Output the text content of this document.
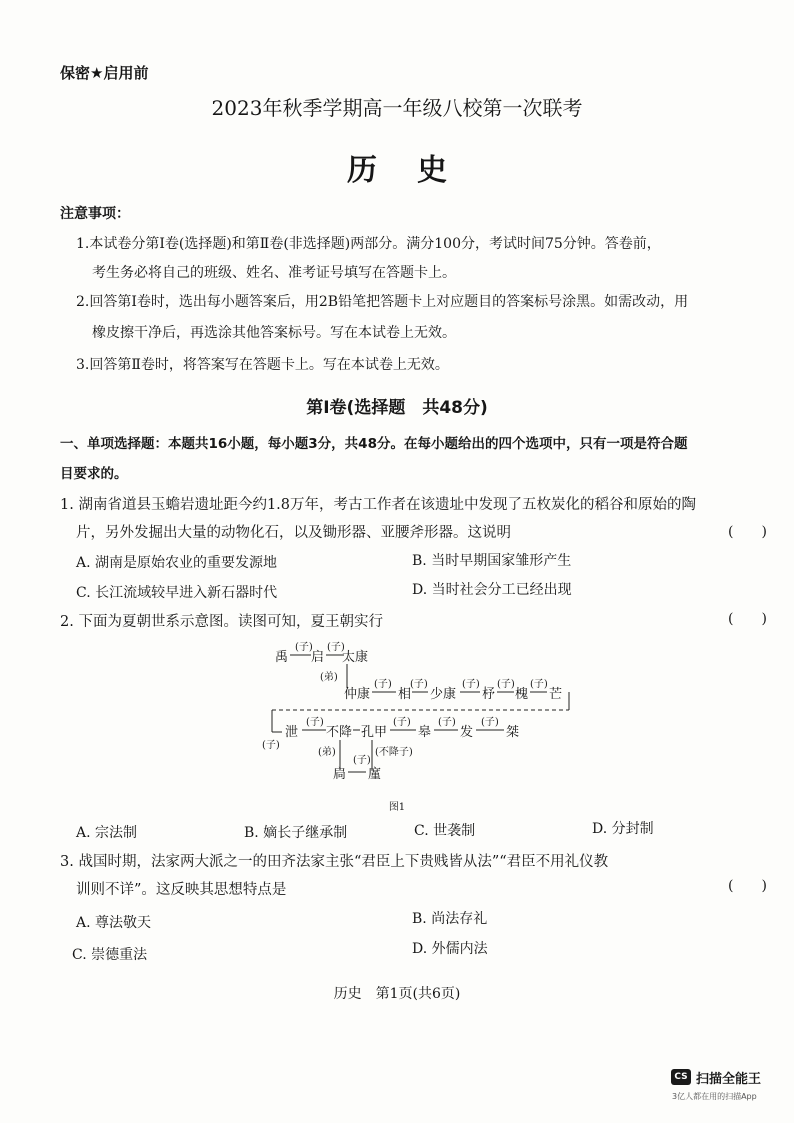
保密★启用前
2023年秋季学期高一年级八校第一次联考
历史
注意事项：
1.本试卷分第Ⅰ卷(选择题)和第Ⅱ卷(非选择题)两部分。满分100分，考试时间75分钟。答卷前，
考生务必将自己的班级、姓名、准考证号填写在答题卡上。
2.回答第Ⅰ卷时，选出每小题答案后，用2B铅笔把答题卡上对应题目的答案标号涂黑。如需改动，用
橡皮擦干净后，再选涂其他答案标号。写在本试卷上无效。
3.回答第Ⅱ卷时，将答案写在答题卡上。写在本试卷上无效。
第Ⅰ卷(选择题　共48分)
一、单项选择题：本题共16小题，每小题3分，共48分。在每小题给出的四个选项中，只有一项是符合题
目要求的。
1. 湖南省道县玉蟾岩遗址距今约1.8万年，考古工作者在该遗址中发现了五枚炭化的稻谷和原始的陶
片，另外发掘出大量的动物化石，以及锄形器、亚腰斧形器。这说明	(　　)
A. 湖南是原始农业的重要发源地	B. 当时早期国家雏形产生
C. 长江流域较早进入新石器时代	D. 当时社会分工已经出现
2. 下面为夏朝世系示意图。读图可知，夏王朝实行	(　　)
禹
(子)
启
(子)
太康
(弟)
仲康
(子)
相
(子)
少康
(子)
杼
(子)
槐
(子)
芒
(子)
泄
(子)
不降 孔甲
(子)
皋
(子)
发
(子)
桀
(弟)	(不降子)
扃
(子)
廑
图1
A. 宗法制	B. 嫡长子继承制	C. 世袭制	D. 分封制
3. 战国时期，法家两大派之一的田齐法家主张“君臣上下贵贱皆从法”“君臣不用礼仪教
训则不详”。这反映其思想特点是	(　　)
A. 尊法敬天	B. 尚法存礼
C. 崇德重法	D. 外儒内法
历史　第1页(共6页)
CS 扫描全能王
3亿人都在用的扫描App
